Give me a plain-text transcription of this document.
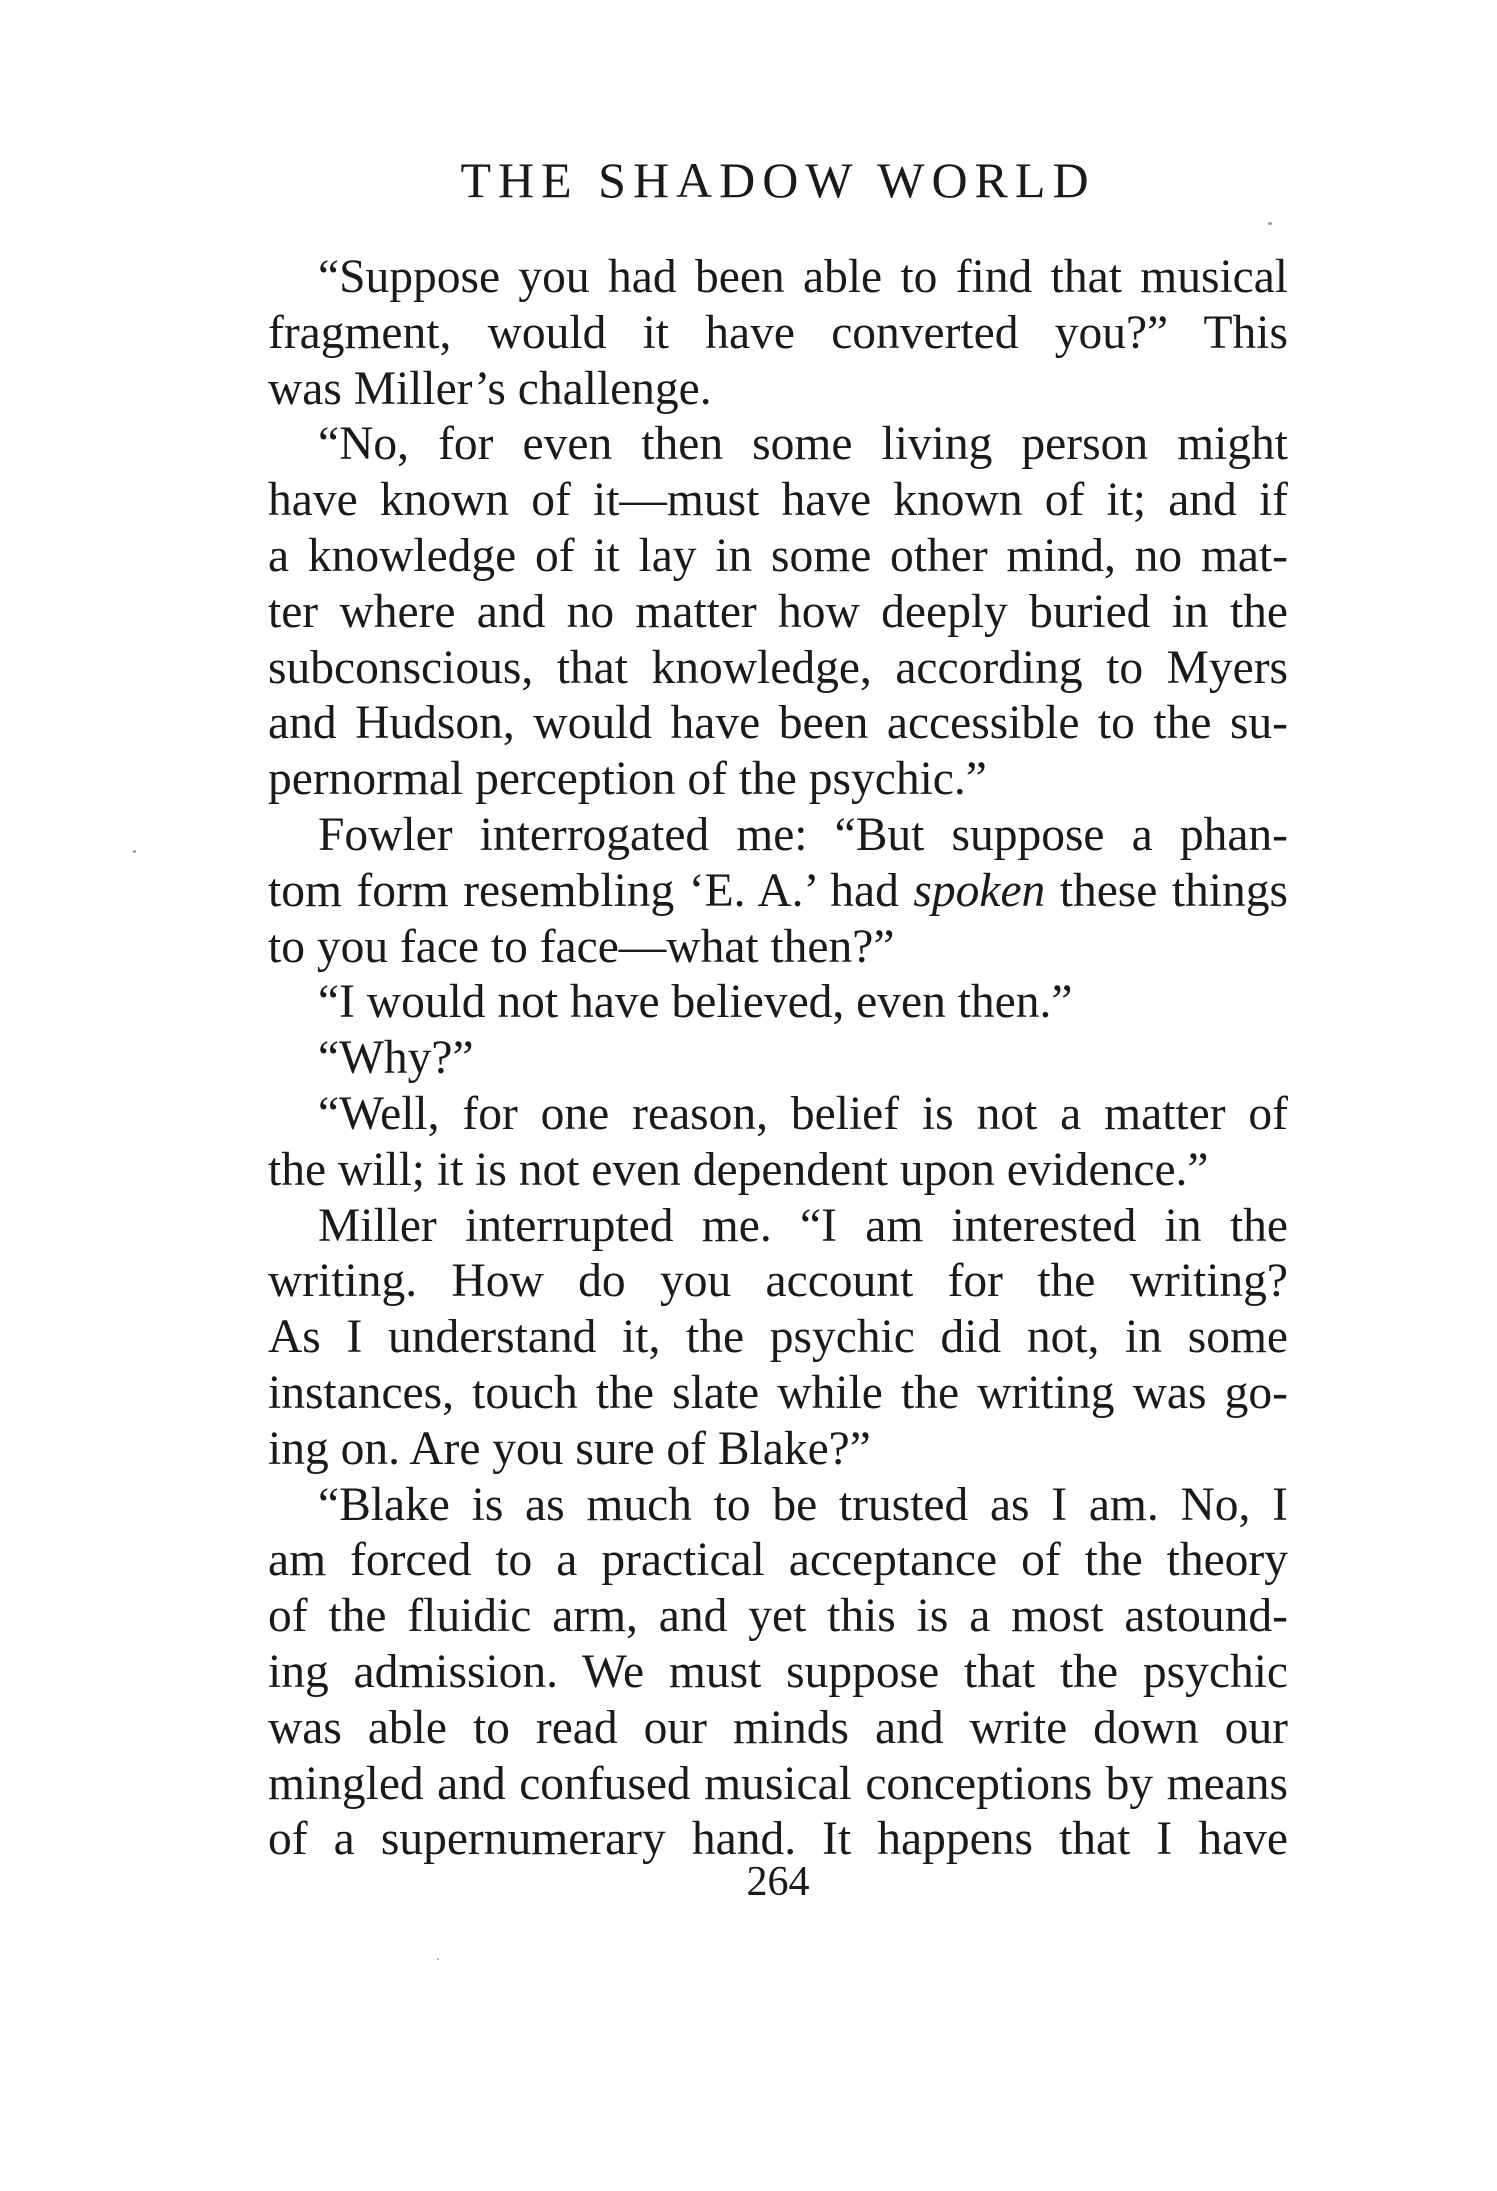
THE SHADOW WORLD
“Suppose you had been able to find that musical
fragment, would it have converted you?” This
was Miller’s challenge.
“No, for even then some living person might
have known of it—must have known of it; and if
a knowledge of it lay in some other mind, no mat-
ter where and no matter how deeply buried in the
subconscious, that knowledge, according to Myers
and Hudson, would have been accessible to the su-
pernormal perception of the psychic.”
Fowler interrogated me: “But suppose a phan-
tom form resembling ‘E. A.’ had spoken these things
to you face to face—what then?”
“I would not have believed, even then.”
“Why?”
“Well, for one reason, belief is not a matter of
the will; it is not even dependent upon evidence.”
Miller interrupted me. “I am interested in the
writing. How do you account for the writing?
As I understand it, the psychic did not, in some
instances, touch the slate while the writing was go-
ing on. Are you sure of Blake?”
“Blake is as much to be trusted as I am. No, I
am forced to a practical acceptance of the theory
of the fluidic arm, and yet this is a most astound-
ing admission. We must suppose that the psychic
was able to read our minds and write down our
mingled and confused musical conceptions by means
of a supernumerary hand. It happens that I have
264
